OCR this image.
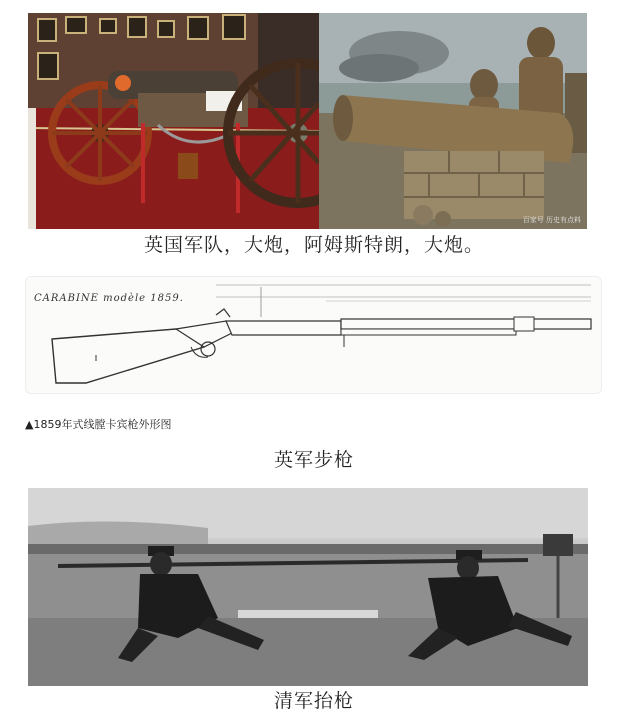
百家号 历史有点料
英国军队，大炮，阿姆斯特朗，大炮。
CARABINE modèle 1859.
▲1859年式线膛卡宾枪外形图
英军步枪
清军抬枪
